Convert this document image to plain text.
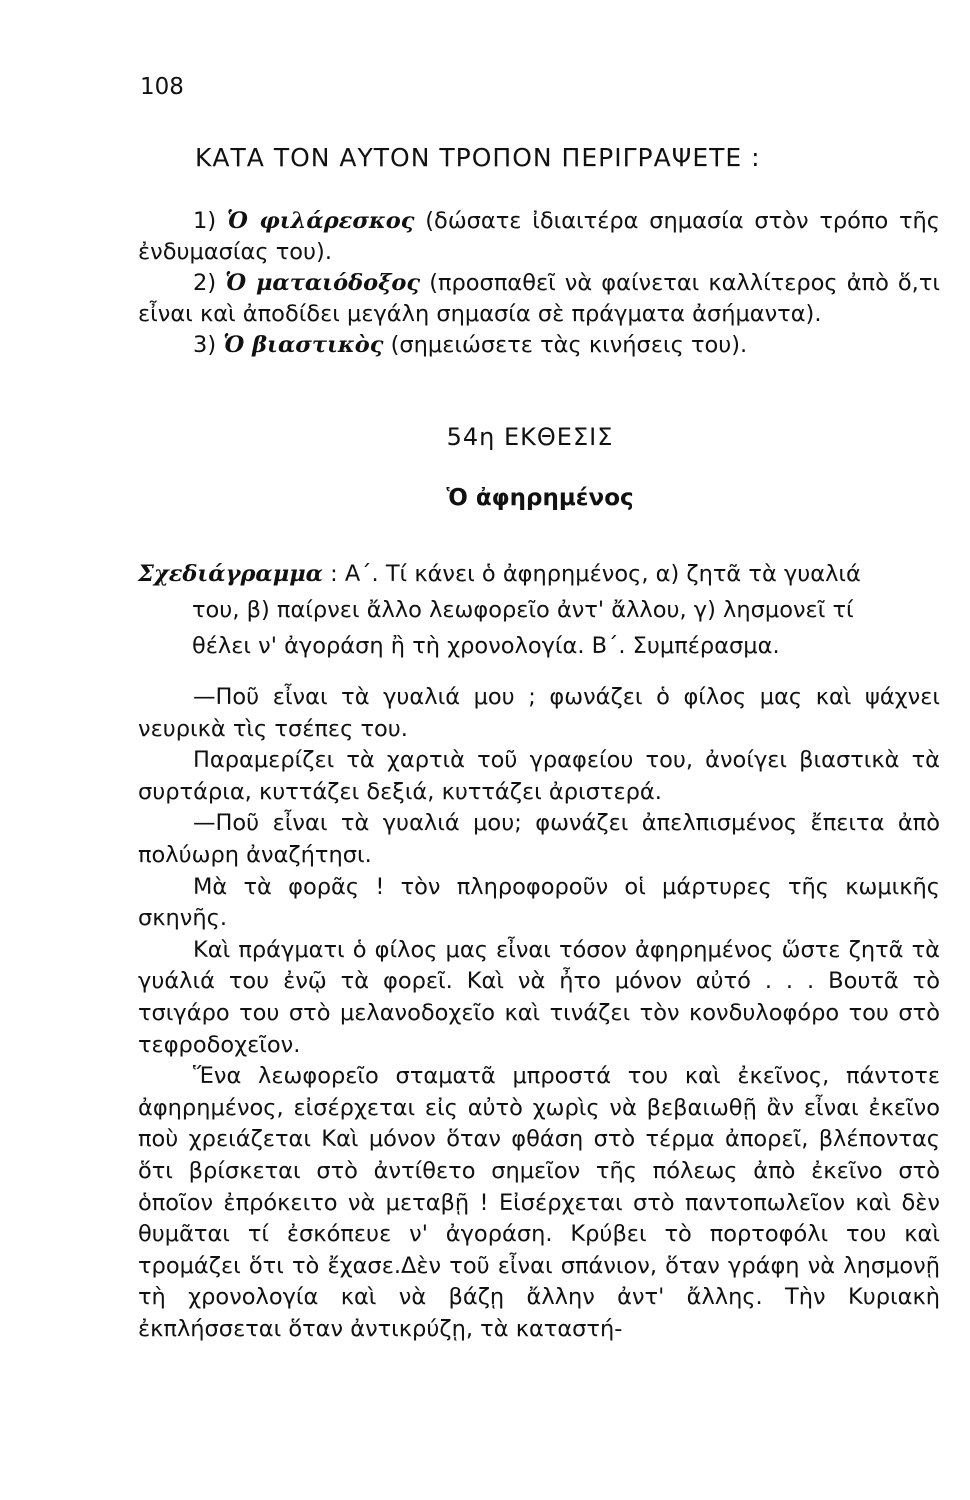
108
ΚΑΤΑ ΤΟΝ ΑΥΤΟΝ ΤΡΟΠΟΝ ΠΕΡΙΓΡΑΨΕΤΕ :

1) Ὁ φιλάρεσκος (δώσατε ἰδιαιτέρα σημασία στὸν τρόπο τῆς ἐνδυμασίας του).

2) Ὁ ματαιόδοξος (προσπαθεῖ νὰ φαίνεται καλλίτερος ἀπὸ ὅ,τι εἶναι καὶ ἀποδίδει μεγάλη σημασία σὲ πράγματα ἀσήμαντα).

3) Ὁ βιαστικὸς (σημειώσετε τὰς κινήσεις του).

54η ΕΚΘΕΣΙΣ
Ὁ ἀφηρημένος

Σχεδιάγραμμα : Α΄. Τί κάνει ὁ ἀφηρημένος, α) ζητᾶ τὰ γυαλιά

του, β) παίρνει ἄλλο λεωφορεῖο ἀντ' ἄλλου, γ) λησμονεῖ τί

θέλει ν' ἀγοράση ἢ τὴ χρονολογία. Β΄. Συμπέρασμα.

—Ποῦ εἶναι τὰ γυαλιά μου ; φωνάζει ὁ φίλος μας καὶ ψάχνει νευρικὰ τὶς τσέπες του.

Παραμερίζει τὰ χαρτιὰ τοῦ γραφείου του, ἀνοίγει βιαστικὰ τὰ συρτάρια, κυττάζει δεξιά, κυττάζει ἀριστερά.

—Ποῦ εἶναι τὰ γυαλιά μου; φωνάζει ἀπελπισμένος ἔπειτα ἀπὸ πολύωρη ἀναζήτησι.

Μὰ τὰ φορᾶς ! τὸν πληροφοροῦν οἱ μάρτυρες τῆς κωμικῆς σκηνῆς.

Καὶ πράγματι ὁ φίλος μας εἶναι τόσον ἀφηρημένος ὥστε ζητᾶ τὰ γυάλιά του ἐνῷ τὰ φορεῖ. Καὶ νὰ ἦτο μόνον αὐτό . . . Βουτᾶ τὸ τσιγάρο του στὸ μελανοδοχεῖο καὶ τινάζει τὸν κονδυλοφόρο του στὸ τεφροδοχεῖον.

Ἕνα λεωφορεῖο σταματᾶ μπροστά του καὶ ἐκεῖνος, πάντοτε ἀφηρημένος, εἰσέρχεται εἰς αὐτὸ χωρὶς νὰ βεβαιωθῇ ἂν εἶναι ἐκεῖνο ποὺ χρειάζεται Καὶ μόνον ὅταν φθάση στὸ τέρμα ἀπορεῖ, βλέποντας ὅτι βρίσκεται στὸ ἀντίθετο σημεῖον τῆς πόλεως ἀπὸ ἐκεῖνο στὸ ὁποῖον ἐπρόκειτο νὰ μεταβῇ ! Εἰσέρχεται στὸ παντοπωλεῖον καὶ δὲν θυμᾶται τί ἐσκόπευε ν' ἀγοράση. Κρύβει τὸ πορτοφόλι του καὶ τρομάζει ὅτι τὸ ἔχασε.Δὲν τοῦ εἶναι σπάνιον, ὅταν γράφη νὰ λησμονῇ τὴ χρονολογία καὶ νὰ βάζῃ ἄλλην ἀντ' ἄλλης. Τὴν Κυριακὴ ἐκπλήσσεται ὅταν ἀντικρύζῃ, τὰ καταστή-
